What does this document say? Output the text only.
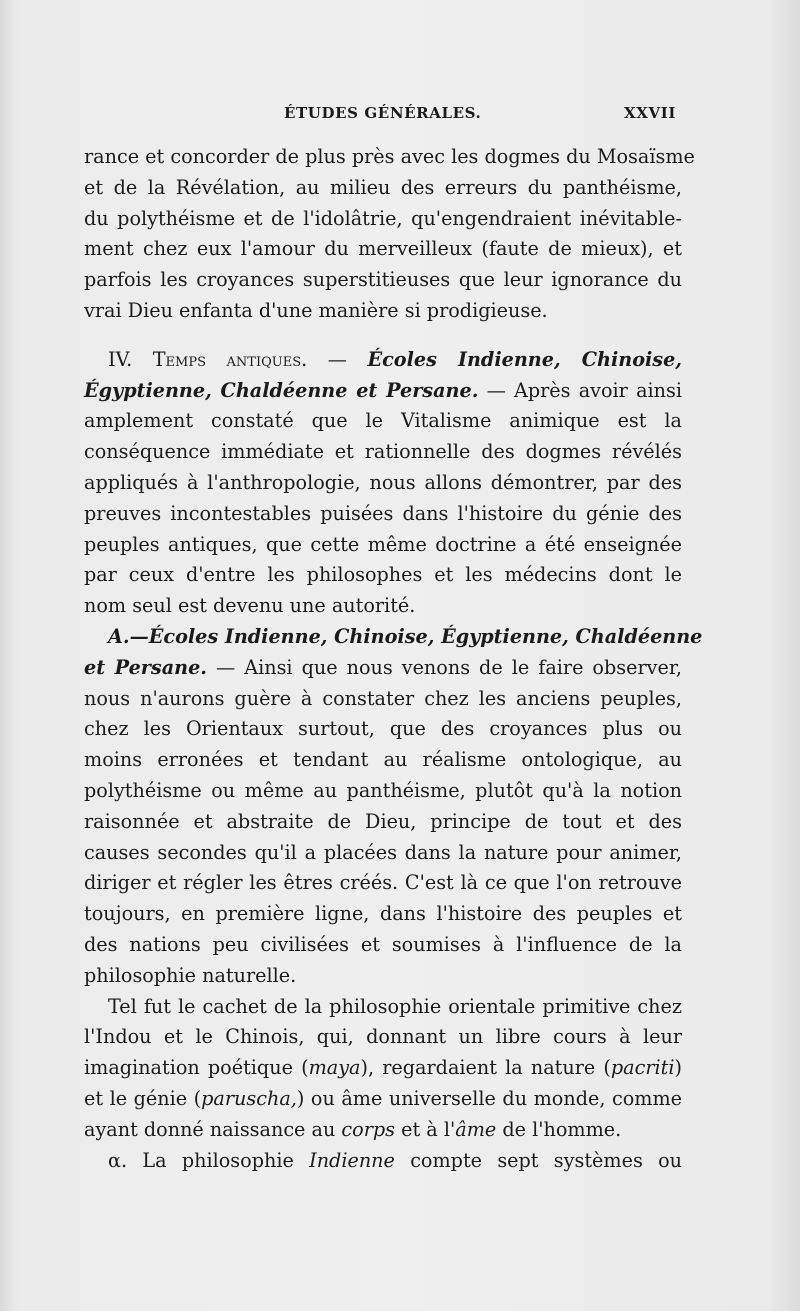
ÉTUDES GÉNÉRALES.	XXVII
rance et concorder de plus près avec les dogmes du Mosaïsme
et de la Révélation, au milieu des erreurs du panthéisme,
du polythéisme et de l'idolâtrie, qu'engendraient inévitable-
ment chez eux l'amour du merveilleux (faute de mieux), et
parfois les croyances superstitieuses que leur ignorance du
vrai Dieu enfanta d'une manière si prodigieuse.
IV. Temps antiques. — Écoles Indienne, Chinoise,
Égyptienne, Chaldéenne et Persane. — Après avoir ainsi
amplement constaté que le Vitalisme animique est la
conséquence immédiate et rationnelle des dogmes révélés
appliqués à l'anthropologie, nous allons démontrer, par des
preuves incontestables puisées dans l'histoire du génie des
peuples antiques, que cette même doctrine a été enseignée
par ceux d'entre les philosophes et les médecins dont le
nom seul est devenu une autorité.
A.—Écoles Indienne, Chinoise, Égyptienne, Chaldéenne
et Persane. — Ainsi que nous venons de le faire observer,
nous n'aurons guère à constater chez les anciens peuples,
chez les Orientaux surtout, que des croyances plus ou
moins erronées et tendant au réalisme ontologique, au
polythéisme ou même au panthéisme, plutôt qu'à la notion
raisonnée et abstraite de Dieu, principe de tout et des
causes secondes qu'il a placées dans la nature pour animer,
diriger et régler les êtres créés. C'est là ce que l'on retrouve
toujours, en première ligne, dans l'histoire des peuples et
des nations peu civilisées et soumises à l'influence de la
philosophie naturelle.
Tel fut le cachet de la philosophie orientale primitive chez
l'Indou et le Chinois, qui, donnant un libre cours à leur
imagination poétique (maya), regardaient la nature (pacriti)
et le génie (paruscha,) ou âme universelle du monde, comme
ayant donné naissance au corps et à l'âme de l'homme.
α. La philosophie Indienne compte sept systèmes ou
